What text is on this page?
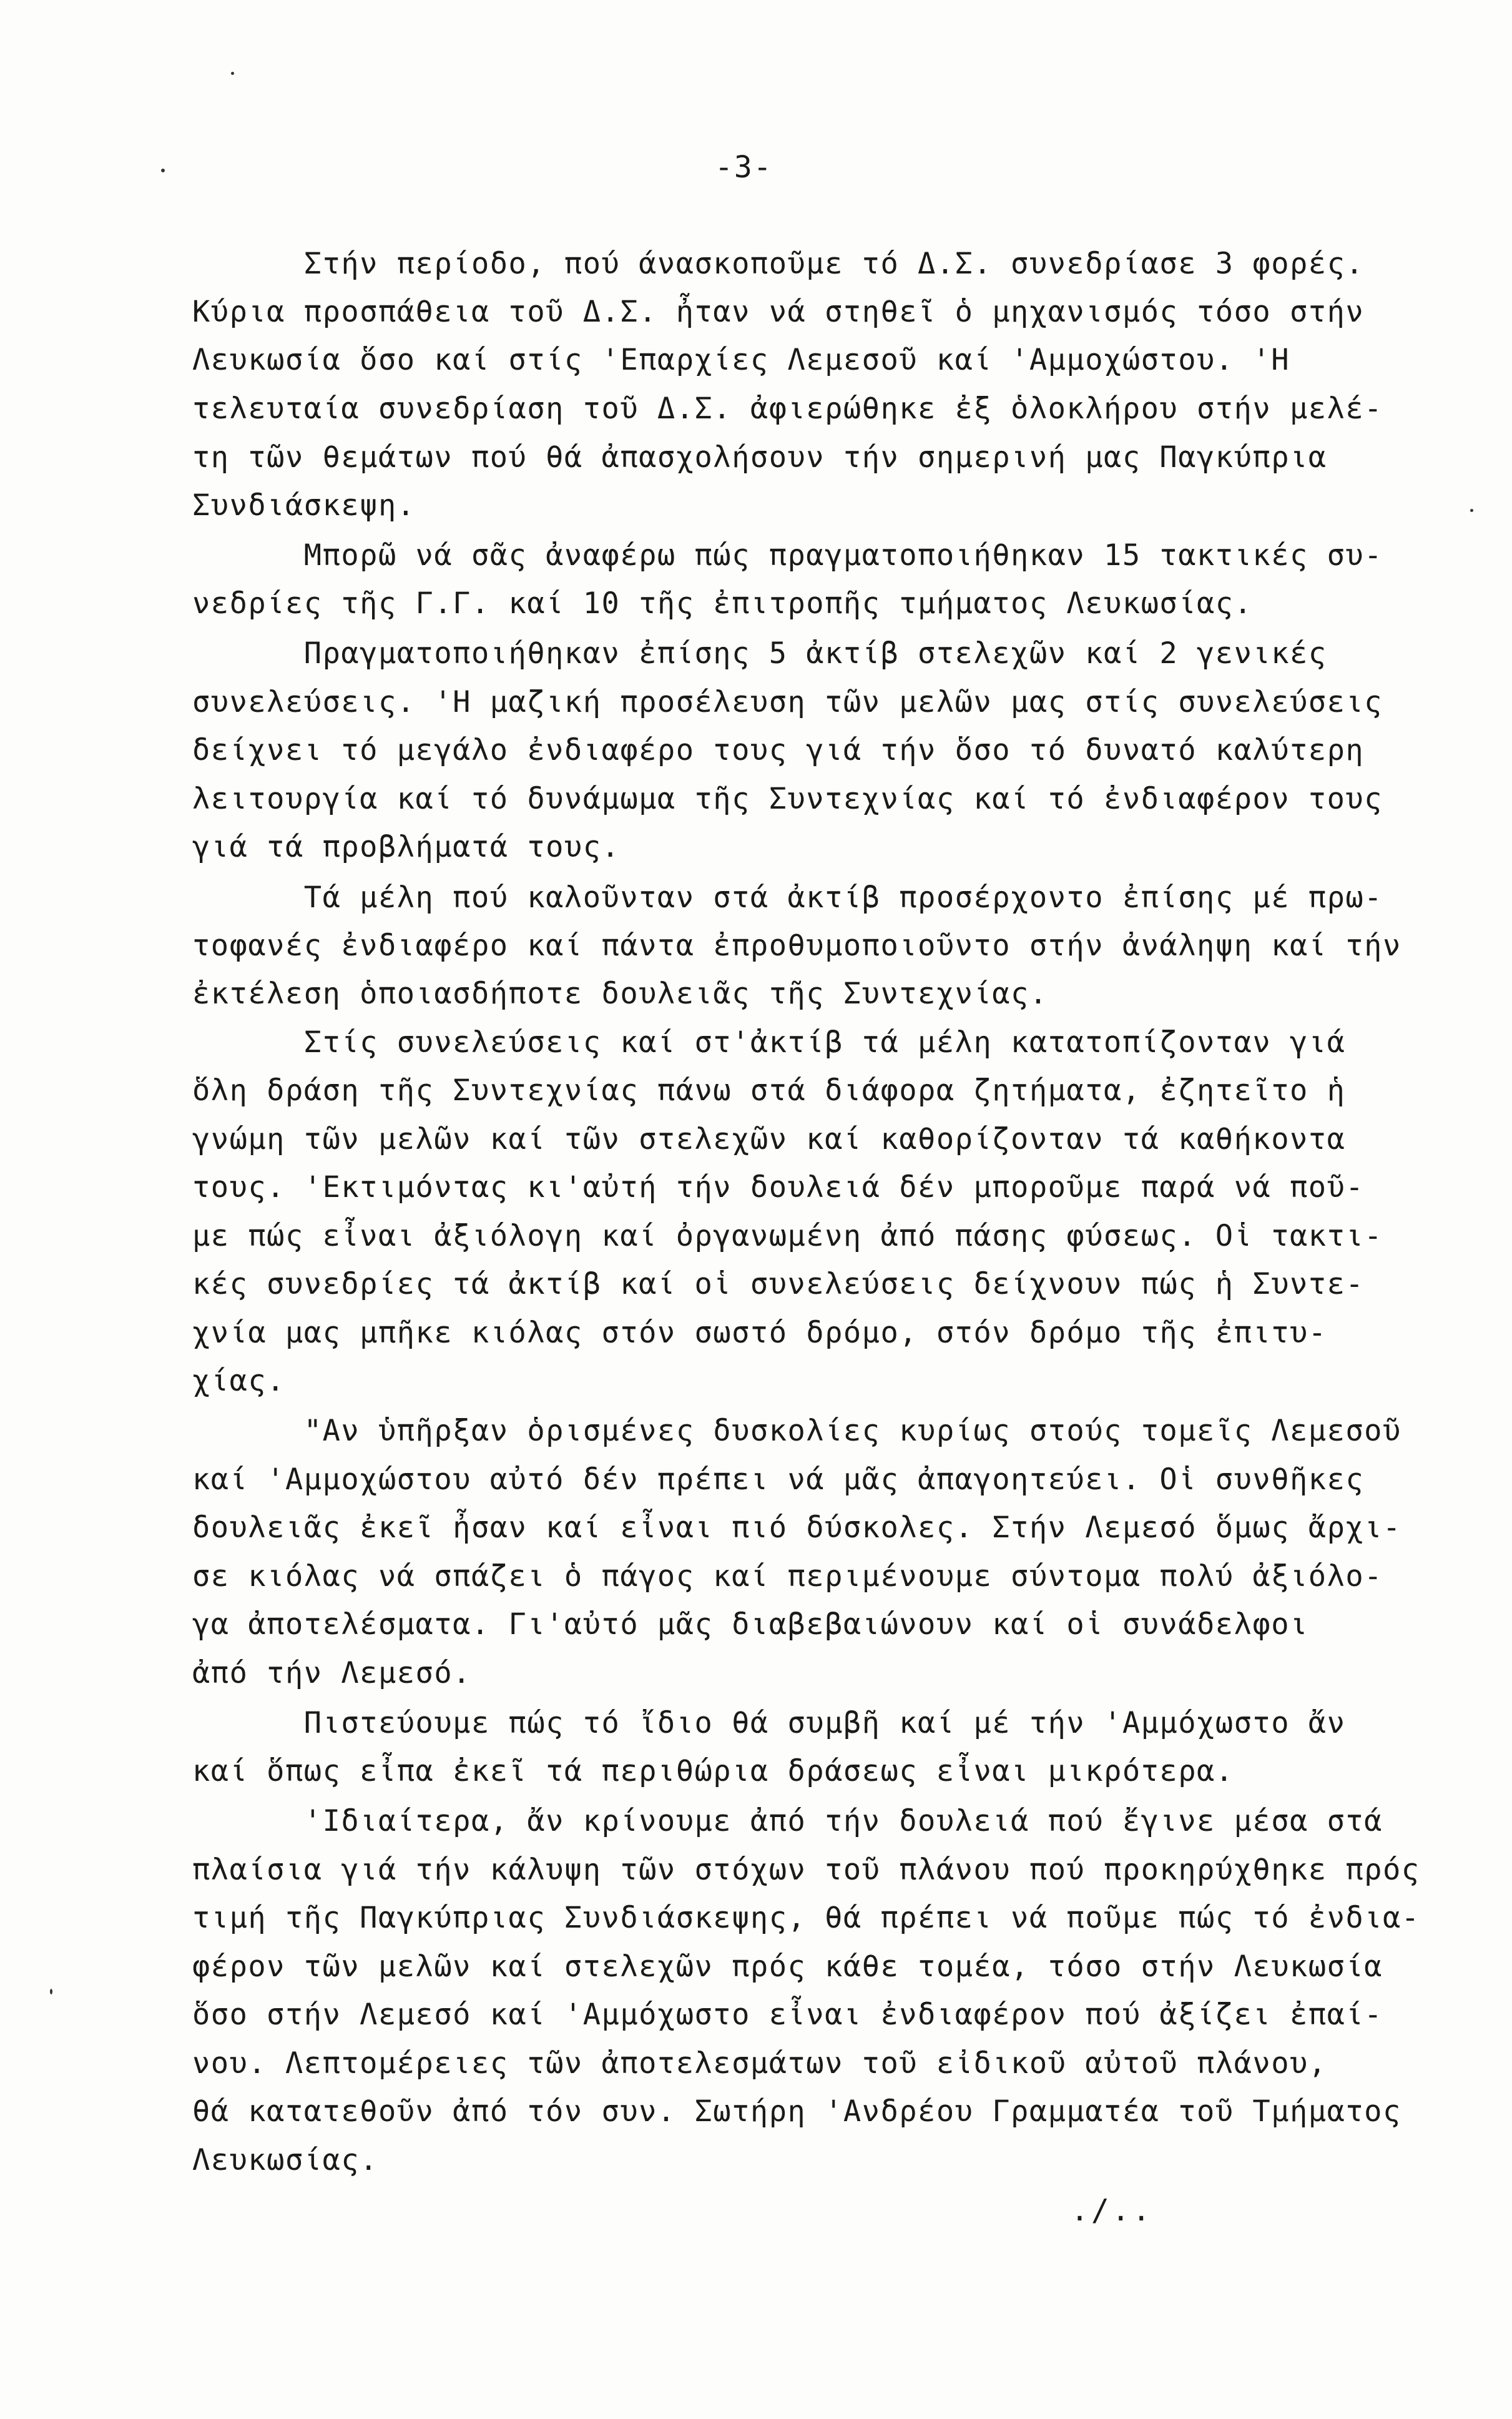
-3-
Στήν περίοδο, πού άνασκοποῦμε τό Δ.Σ. συνεδρίασε 3 φορές.
Κύρια προσπάθεια τοῦ Δ.Σ. ἦταν νά στηθεῖ ὁ μηχανισμός τόσο στήν
Λευκωσία ὅσο καί στίς 'Επαρχίες Λεμεσοῦ καί 'Αμμοχώστου. 'Η
τελευταία συνεδρίαση τοῦ Δ.Σ. ἀφιερώθηκε ἐξ ὁλοκλήρου στήν μελέ-
τη τῶν θεμάτων πού θά ἀπασχολήσουν τήν σημερινή μας Παγκύπρια
Συνδιάσκεψη.
Μπορῶ νά σᾶς ἀναφέρω πώς πραγματοποιήθηκαν 15 τακτικές συ-
νεδρίες τῆς Γ.Γ. καί 10 τῆς ἐπιτροπῆς τμήματος Λευκωσίας.
Πραγματοποιήθηκαν ἐπίσης 5 ἀκτίβ στελεχῶν καί 2 γενικές
συνελεύσεις. 'Η μαζική προσέλευση τῶν μελῶν μας στίς συνελεύσεις
δείχνει τό μεγάλο ἐνδιαφέρο τους γιά τήν ὅσο τό δυνατό καλύτερη
λειτουργία καί τό δυνάμωμα τῆς Συντεχνίας καί τό ἐνδιαφέρον τους
γιά τά προβλήματά τους.
Τά μέλη πού καλοῦνταν στά ἀκτίβ προσέρχοντο ἐπίσης μέ πρω-
τοφανές ἐνδιαφέρο καί πάντα ἐπροθυμοποιοῦντο στήν ἀνάληψη καί τήν
ἐκτέλεση ὁποιασδήποτε δουλειᾶς τῆς Συντεχνίας.
Στίς συνελεύσεις καί στ'ἀκτίβ τά μέλη κατατοπίζονταν γιά
ὅλη δράση τῆς Συντεχνίας πάνω στά διάφορα ζητήματα, ἐζητεῖτο ἡ
γνώμη τῶν μελῶν καί τῶν στελεχῶν καί καθορίζονταν τά καθήκοντα
τους. 'Εκτιμόντας κι'αὐτή τήν δουλειά δέν μποροῦμε παρά νά ποῦ-
με πώς εἶναι ἀξιόλογη καί ὀργανωμένη ἀπό πάσης φύσεως. Οἱ τακτι-
κές συνεδρίες τά ἀκτίβ καί οἱ συνελεύσεις δείχνουν πώς ἡ Συντε-
χνία μας μπῆκε κιόλας στόν σωστό δρόμο, στόν δρόμο τῆς ἐπιτυ-
χίας.
"Αν ὑπῆρξαν ὁρισμένες δυσκολίες κυρίως στούς τομεῖς Λεμεσοῦ
καί 'Αμμοχώστου αὐτό δέν πρέπει νά μᾶς ἀπαγοητεύει. Οἱ συνθῆκες
δουλειᾶς ἐκεῖ ἦσαν καί εἶναι πιό δύσκολες. Στήν Λεμεσό ὅμως ἄρχι-
σε κιόλας νά σπάζει ὁ πάγος καί περιμένουμε σύντομα πολύ ἀξιόλο-
γα ἀποτελέσματα. Γι'αὐτό μᾶς διαβεβαιώνουν καί οἱ συνάδελφοι
ἀπό τήν Λεμεσό.
Πιστεύουμε πώς τό ἴδιο θά συμβῆ καί μέ τήν 'Αμμόχωστο ἄν
καί ὅπως εἶπα ἐκεῖ τά περιθώρια δράσεως εἶναι μικρότερα.
'Ιδιαίτερα, ἄν κρίνουμε ἀπό τήν δουλειά πού ἔγινε μέσα στά
πλαίσια γιά τήν κάλυψη τῶν στόχων τοῦ πλάνου πού προκηρύχθηκε πρός
τιμή τῆς Παγκύπριας Συνδιάσκεψης, θά πρέπει νά ποῦμε πώς τό ἐνδια-
φέρον τῶν μελῶν καί στελεχῶν πρός κάθε τομέα, τόσο στήν Λευκωσία
ὅσο στήν Λεμεσό καί 'Αμμόχωστο εἶναι ἐνδιαφέρον πού ἀξίζει ἐπαί-
νου. Λεπτομέρειες τῶν ἀποτελεσμάτων τοῦ εἰδικοῦ αὐτοῦ πλάνου,
θά κατατεθοῦν ἀπό τόν συν. Σωτήρη 'Ανδρέου Γραμματέα τοῦ Τμήματος
Λευκωσίας.
./..
